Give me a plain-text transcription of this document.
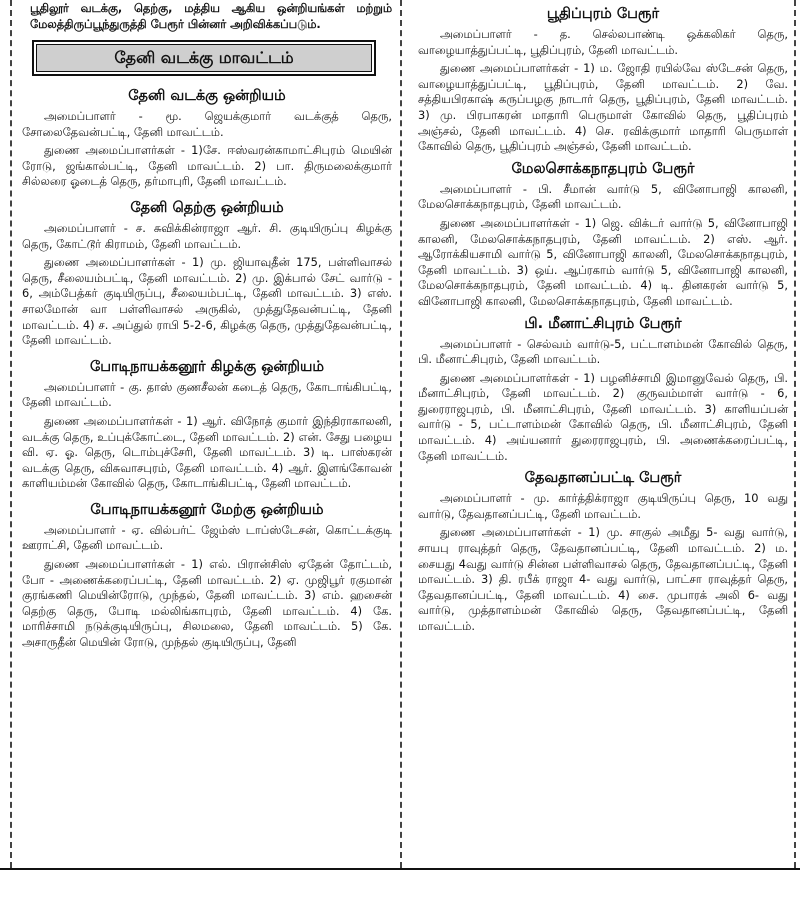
பூதிலூர் வடக்கு, தெற்கு, மத்திய ஆகிய ஒன்றியங்கள் மற்றும் மேலத்திருப்பூந்துருத்தி பேரூர் பின்னர் அறிவிக்கப்படும்.

தேனி வடக்கு மாவட்டம்
தேனி வடக்கு ஒன்றியம்

அமைப்பாளர் - மூ. ஜெயக்குமார் வடக்குத் தெரு, சோலைதேவன்பட்டி, தேனி மாவட்டம்.

துணை அமைப்பாளர்கள் - 1)சே. ஈஸ்வரன்காமாட்சிபுரம் மெயின் ரோடு, ஜங்கால்பட்டி, தேனி மாவட்டம். 2) பா. திருமலைக்குமார் சில்லரை ஓடைத் தெரு, தர்மாபுரி, தேனி மாவட்டம்.

தேனி தெற்கு ஒன்றியம்

அமைப்பாளர் - ச. சுவிக்கின்ராஜா ஆர். சி. குடியிருப்பு கிழக்கு தெரு, கோட்டூர் கிராமம், தேனி மாவட்டம்.

துணை அமைப்பாளர்கள் - 1) மு. ஜியாவுதீன் 175, பள்ளிவாசல் தெரு, சீலையம்பட்டி, தேனி மாவட்டம். 2) மு. இக்பால் சேட் வார்டு - 6, அம்பேத்கர் குடியிருப்பு, சீலையம்பட்டி, தேனி மாவட்டம். 3) எஸ். சாலமோன் வா பள்ளிவாசல் அருகில், முத்துதேவன்பட்டி, தேனி மாவட்டம். 4) ச. அப்துல் ராபி 5-2-6, கிழக்கு தெரு, முத்துதேவன்பட்டி, தேனி மாவட்டம்.

போடிநாயக்கனூர் கிழக்கு ஒன்றியம்

அமைப்பாளர் - கு. தாஸ் குணசீலன் கடைத் தெரு, கோடாங்கிபட்டி, தேனி மாவட்டம்.

துணை அமைப்பாளர்கள் - 1) ஆர். விநோத் குமார் இந்திராகாலனி, வடக்கு தெரு, உப்புக்கோட்டை, தேனி மாவட்டம். 2) என். சேது பழைய வி. ஏ. ஓ. தெரு, டொம்புச்சேரி, தேனி மாவட்டம். 3) டி. பாஸ்கரன் வடக்கு தெரு, விசுவாசபுரம், தேனி மாவட்டம். 4) ஆர். இளங்கோவன் காளியம்மன் கோவில் தெரு, கோடாங்கிபட்டி, தேனி மாவட்டம்.

போடிநாயக்கனூர் மேற்கு ஒன்றியம்

அமைப்பாளர் - ஏ. வில்பர்ட் ஜேம்ஸ் டாப்ஸ்டேசன், கொட்டக்குடி ஊராட்சி, தேனி மாவட்டம்.

துணை அமைப்பாளர்கள் - 1) எல். பிரான்சிஸ் ஏதேன் தோட்டம், போ - அணைக்கரைப்பட்டி, தேனி மாவட்டம். 2) ஏ. முஜிபூர் ரகுமான் குரங்கணி மெயின்ரோடு, முந்தல், தேனி மாவட்டம். 3) எம். ஹசைன் தெற்கு தெரு, போடி மல்லிங்காபுரம், தேனி மாவட்டம். 4) கே. மாரிச்சாமி நடுக்குடியிருப்பு, சிலமலை, தேனி மாவட்டம். 5) கே. அசாருதீன் மெயின் ரோடு, முந்தல் குடியிருப்பு, தேனி

பூதிப்புரம் பேரூர்

அமைப்பாளர் - த. செல்லபாண்டி ஒக்கலிகர் தெரு, வாழையாத்துப்பட்டி, பூதிப்புரம், தேனி மாவட்டம்.

துணை அமைப்பாளர்கள் - 1) ம. ஜோதி ரயில்வே ஸ்டேசன் தெரு, வாழையாத்துப்பட்டி, பூதிப்புரம், தேனி மாவட்டம். 2) வே. சத்தியபிரகாஷ் கருப்பழகு நாடார் தெரு, பூதிப்புரம், தேனி மாவட்டம். 3) மு. பிரபாகரன் மாதாரி பெருமாள் கோவில் தெரு, பூதிப்புரம் அஞ்சல், தேனி மாவட்டம். 4) செ. ரவிக்குமார் மாதாரி பெருமாள் கோவில் தெரு, பூதிப்புரம் அஞ்சல், தேனி மாவட்டம்.

மேலசொக்கநாதபுரம் பேரூர்

அமைப்பாளர் - பி. சீமான் வார்டு 5, வினோபாஜி காலனி, மேலசொக்கநாதபுரம், தேனி மாவட்டம்.

துணை அமைப்பாளர்கள் - 1) ஜெ. விக்டர் வார்டு 5, வினோபாஜி காலனி, மேலசொக்கநாதபுரம், தேனி மாவட்டம். 2) எஸ். ஆர். ஆரோக்கியசாமி வார்டு 5, வினோபாஜி காலனி, மேலசொக்கநாதபுரம், தேனி மாவட்டம். 3) ஒய். ஆப்ரகாம் வார்டு 5, வினோபாஜி காலனி, மேலசொக்கநாதபுரம், தேனி மாவட்டம். 4) டி. தினகரன் வார்டு 5, வினோபாஜி காலனி, மேலசொக்கநாதபுரம், தேனி மாவட்டம்.

பி. மீனாட்சிபுரம் பேரூர்

அமைப்பாளர் - செல்வம் வார்டு-5, பட்டாளம்மன் கோவில் தெரு, பி. மீனாட்சிபுரம், தேனி மாவட்டம்.

துணை அமைப்பாளர்கள் - 1) பழனிச்சாமி இமானுவேல் தெரு, பி. மீனாட்சிபுரம், தேனி மாவட்டம். 2) குருவம்மாள் வார்டு - 6, துரைராஜபுரம், பி. மீனாட்சிபுரம், தேனி மாவட்டம். 3) காளியப்பன் வார்டு - 5, பட்டாளம்மன் கோவில் தெரு, பி. மீனாட்சிபுரம், தேனி மாவட்டம். 4) அய்யனார் துரைராஜபுரம், பி. அணைக்கரைப்பட்டி, தேனி மாவட்டம்.

தேவதானப்பட்டி பேரூர்

அமைப்பாளர் - மு. கார்த்திக்ராஜா குடியிருப்பு தெரு, 10 வது வார்டு, தேவதானப்பட்டி, தேனி மாவட்டம்.

துணை அமைப்பாளர்கள் - 1) மு. சாகுல் அமீது 5- வது வார்டு, சாயபு ராவுத்தர் தெரு, தேவதானப்பட்டி, தேனி மாவட்டம். 2) ம. சையது 4வது வார்டு சின்ன பள்ளிவாசல் தெரு, தேவதானப்பட்டி, தேனி மாவட்டம். 3) தி. ரபீக் ராஜா 4- வது வார்டு, பாட்சா ராவுத்தர் தெரு, தேவதானப்பட்டி, தேனி மாவட்டம். 4) சை. முபாரக் அலி 6- வது வார்டு, முத்தாளம்மன் கோவில் தெரு, தேவதானப்பட்டி, தேனி மாவட்டம்.
